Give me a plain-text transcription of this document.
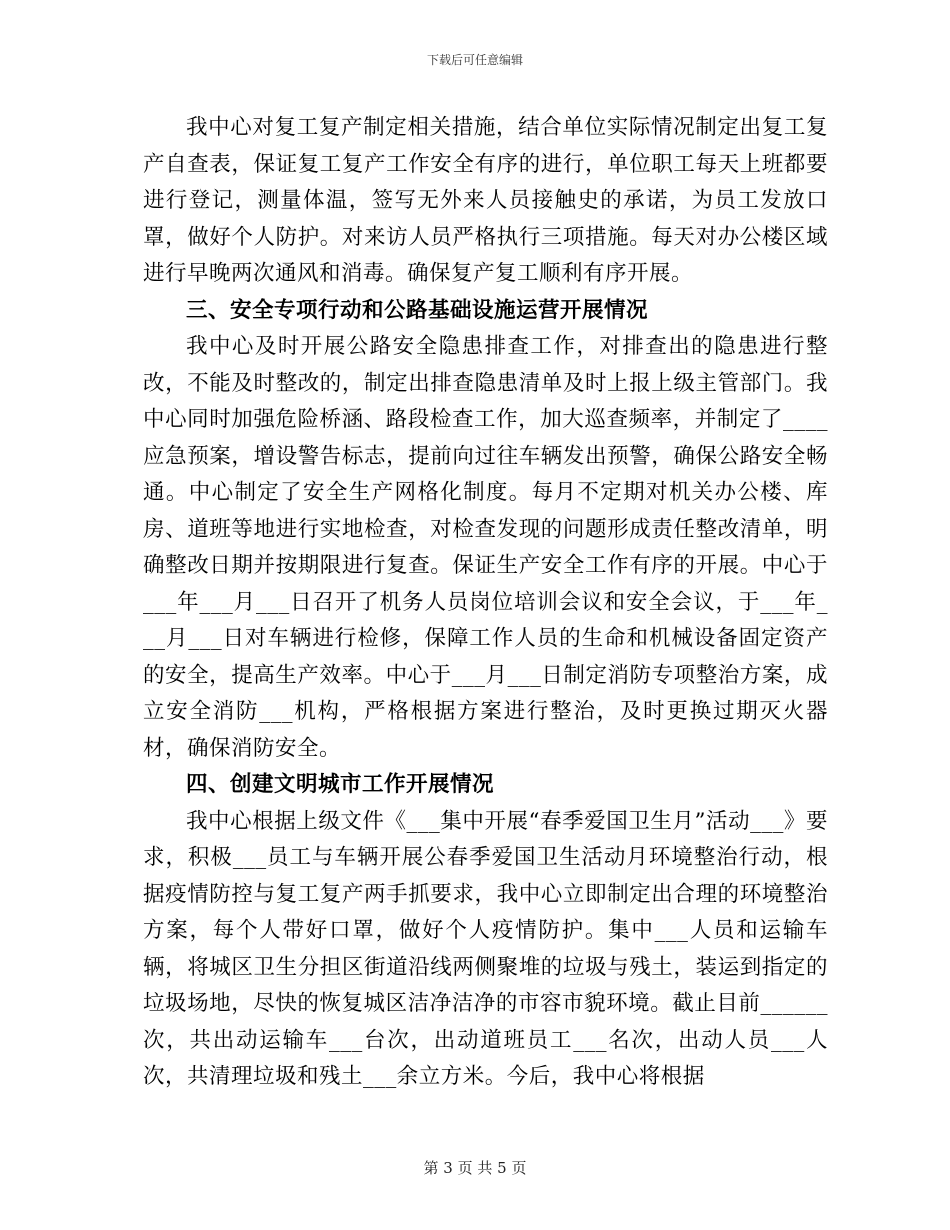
下载后可任意编辑

我中心对复工复产制定相关措施，结合单位实际情况制定出复工复产自查表，保证复工复产工作安全有序的进行，单位职工每天上班都要进行登记，测量体温，签写无外来人员接触史的承诺，为员工发放口罩，做好个人防护。对来访人员严格执行三项措施。每天对办公楼区域进行早晚两次通风和消毒。确保复产复工顺利有序开展。

三、安全专项行动和公路基础设施运营开展情况

我中心及时开展公路安全隐患排查工作，对排查出的隐患进行整改，不能及时整改的，制定出排查隐患清单及时上报上级主管部门。我中心同时加强危险桥涵、路段检查工作，加大巡查频率，并制定了____应急预案，增设警告标志，提前向过往车辆发出预警，确保公路安全畅通。中心制定了安全生产网格化制度。每月不定期对机关办公楼、库房、道班等地进行实地检查，对检查发现的问题形成责任整改清单，明确整改日期并按期限进行复查。保证生产安全工作有序的开展。中心于___年___月___日召开了机务人员岗位培训会议和安全会议，于___年___月___日对车辆进行检修，保障工作人员的生命和机械设备固定资产的安全，提高生产效率。中心于___月___日制定消防专项整治方案，成立安全消防___机构，严格根据方案进行整治，及时更换过期灭火器材，确保消防安全。

四、创建文明城市工作开展情况

我中心根据上级文件《___集中开展“春季爱国卫生月”活动___》要求，积极___员工与车辆开展公春季爱国卫生活动月环境整治行动，根据疫情防控与复工复产两手抓要求，我中心立即制定出合理的环境整治方案，每个人带好口罩，做好个人疫情防护。集中___人员和运输车辆，将城区卫生分担区街道沿线两侧聚堆的垃圾与残土，装运到指定的垃圾场地，尽快的恢复城区洁净洁净的市容市貌环境。截止目前______次，共出动运输车___台次，出动道班员工___名次，出动人员___人次，共清理垃圾和残土___余立方米。今后，我中心将根据

第 3 页 共 5 页
